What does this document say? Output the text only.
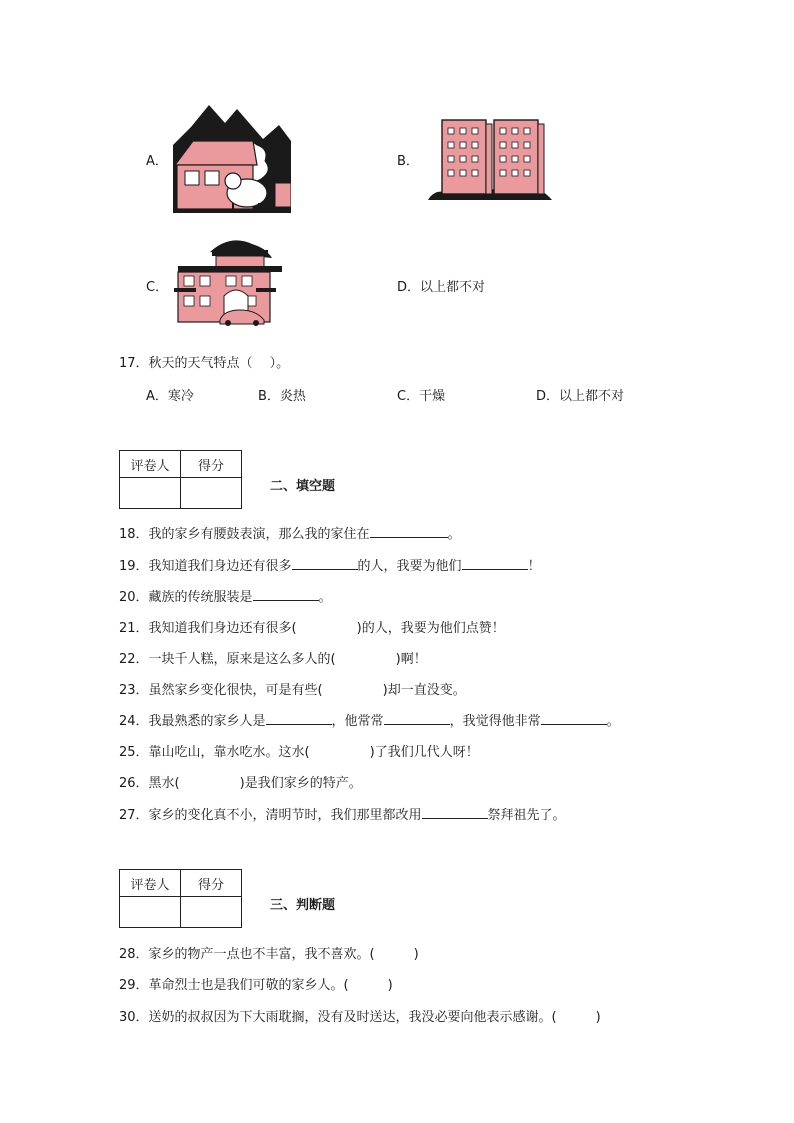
A．	B．
C．	D．以上都不对
17．秋天的天气特点（　 ）。
A．寒冷	B．炎热	C．干燥	D．以上都不对
评卷人	得分

二、填空题
18．我的家乡有腰鼓表演，那么我的家住在	。
19．我知道我们身边还有很多	的人，我要为他们	！
20．藏族的传统服装是	。
21．我知道我们身边还有很多(	)的人，我要为他们点赞！
22．一块千人糕，原来是这么多人的(	)啊！
23．虽然家乡变化很快，可是有些(	)却一直没变。
24．我最熟悉的家乡人是	，他常常	，我觉得他非常	。
25．靠山吃山，靠水吃水。这水(	)了我们几代人呀！
26．黑水(	)是我们家乡的特产。
27．家乡的变化真不小，清明节时，我们那里都改用	祭拜祖先了。
评卷人	得分

三、判断题
28．家乡的物产一点也不丰富，我不喜欢。(　　　)
29．革命烈士也是我们可敬的家乡人。(　　　)
30．送奶的叔叔因为下大雨耽搁，没有及时送达，我没必要向他表示感谢。(　　　)
